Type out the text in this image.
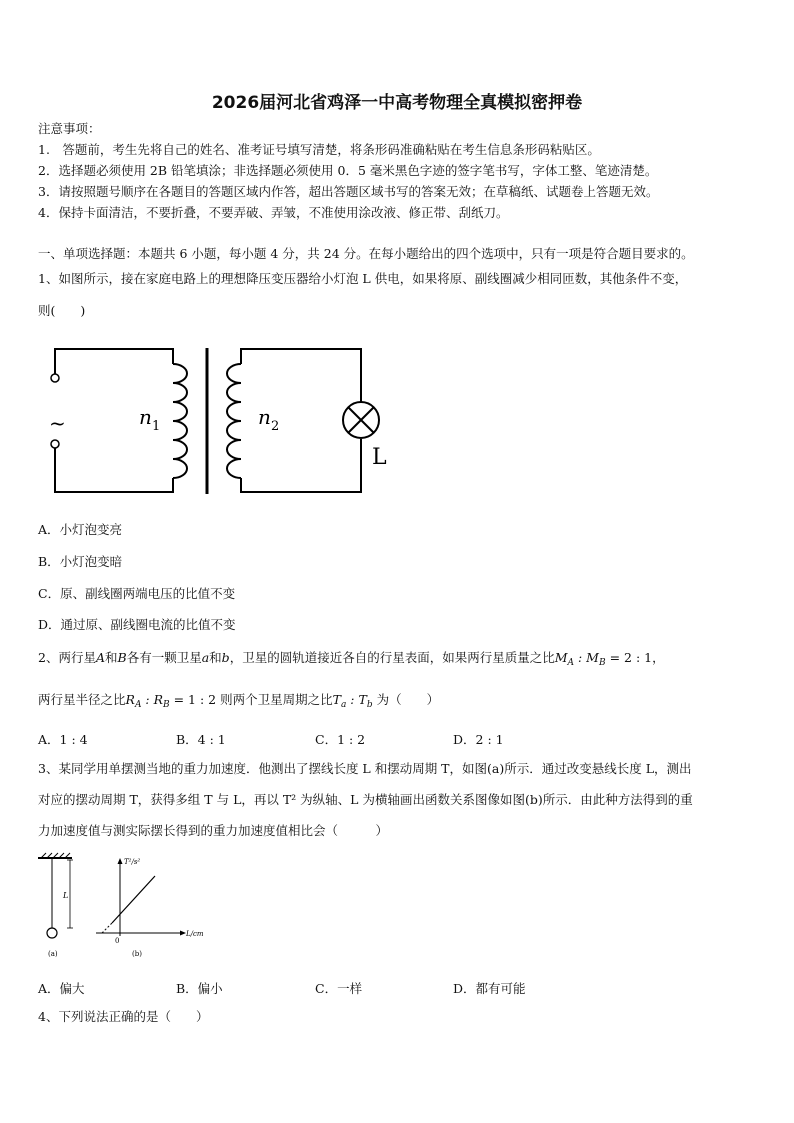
2026届河北省鸡泽一中高考物理全真模拟密押卷
注意事项：
1.　答题前，考生先将自己的姓名、准考证号填写清楚，将条形码准确粘贴在考生信息条形码粘贴区。
2．选择题必须使用 2B 铅笔填涂；非选择题必须使用 0．5 毫米黑色字迹的签字笔书写，字体工整、笔迹清楚。
3．请按照题号顺序在各题目的答题区域内作答，超出答题区域书写的答案无效；在草稿纸、试题卷上答题无效。
4．保持卡面清洁，不要折叠，不要弄破、弄皱，不准使用涂改液、修正带、刮纸刀。
一、单项选择题：本题共 6 小题，每小题 4 分，共 24 分。在每小题给出的四个选项中，只有一项是符合题目要求的。
1、如图所示，接在家庭电路上的理想降压变压器给小灯泡 L 供电，如果将原、副线圈减少相同匝数，其他条件不变，
则(　　)
~	n 1	n 2
L
A．小灯泡变亮
B．小灯泡变暗
C．原、副线圈两端电压的比值不变
D．通过原、副线圈电流的比值不变
2、两行星A和B各有一颗卫星a和b，卫星的圆轨道接近各自的行星表面，如果两行星质量之比$M_A$ : $M_B = 2$ : 1，
两行星半径之比$R_A$ : $R_B = 1$ : 2 则两个卫星周期之比$T_a$ : $T_b$ 为（　　）
A．1 : 4	B．4 : 1	C．1 : 2	D．2 : 1
3、某同学用单摆测当地的重力加速度．他测出了摆线长度 L 和摆动周期 T，如图(a)所示．通过改变悬线长度 L，测出
对应的摆动周期 T，获得多组 T 与 L，再以 T² 为纵轴、L 为横轴画出函数关系图像如图(b)所示．由此种方法得到的重
力加速度值与测实际摆长得到的重力加速度值相比会（　　　）
L
(a)
T²/s²
L/cm
0
(b)
A．偏大	B．偏小	C．一样	D．都有可能
4、下列说法正确的是（　　）
